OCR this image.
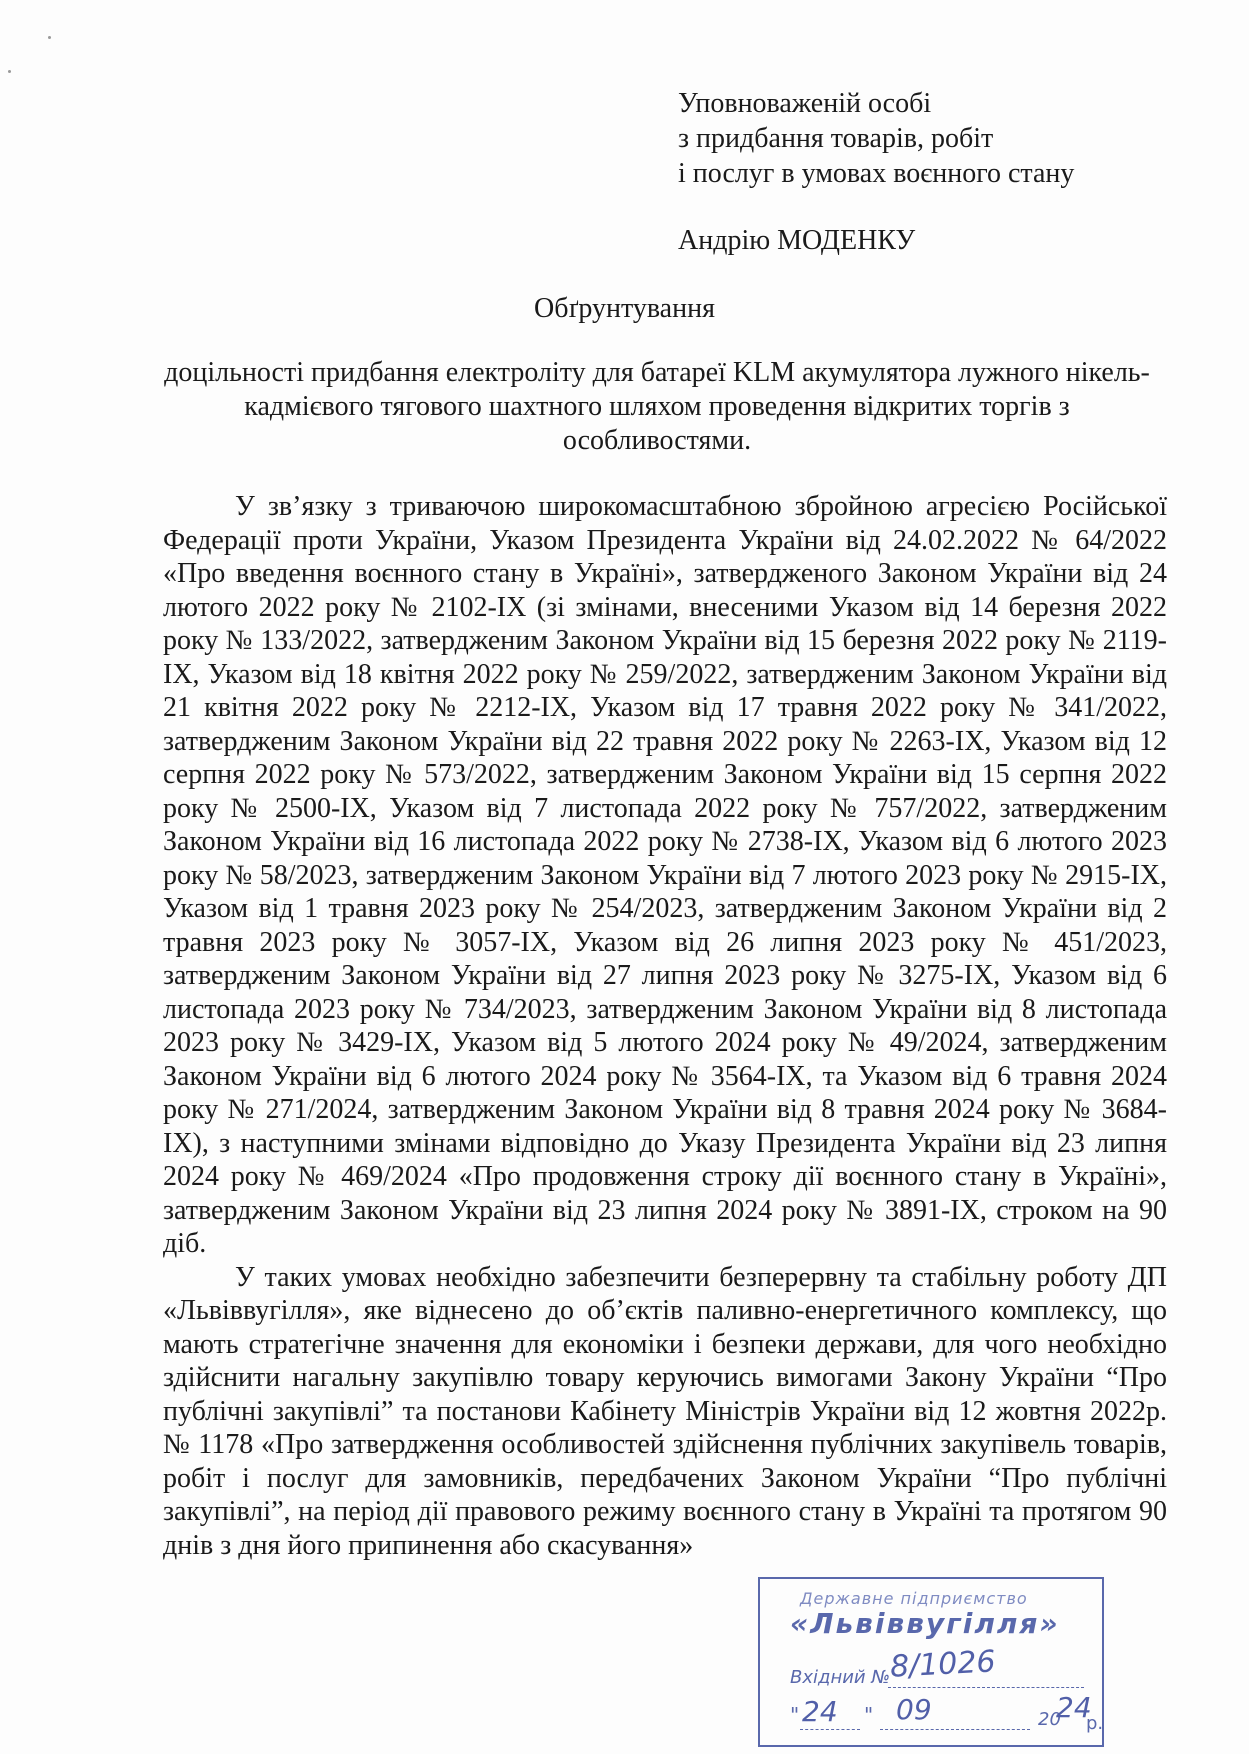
Уповноваженій особі
з придбання товарів, робіт
і послуг в умовах воєнного стану
Андрію МОДЕНКУ
Обґрунтування
доцільності придбання електроліту для батареї KLM акумулятора лужного нікель-кадмієвого тягового шахтного шляхом проведення відкритих торгів з особливостями.

У зв’язку з триваючою широкомасштабною збройною агресією Російської Федерації проти України, Указом Президента України від 24.02.2022 № 64/2022 «Про введення воєнного стану в Україні», затвердженого Законом України від 24 лютого 2022 року № 2102-IX (зі змінами, внесеними Указом від 14 березня 2022 року № 133/2022, затвердженим Законом України від 15 березня 2022 року № 2119-IX, Указом від 18 квітня 2022 року № 259/2022, затвердженим Законом України від 21 квітня 2022 року № 2212-IX, Указом від 17 травня 2022 року № 341/2022, затвердженим Законом України від 22 травня 2022 року № 2263-IX, Указом від 12 серпня 2022 року № 573/2022, затвердженим Законом України від 15 серпня 2022 року № 2500-IX, Указом від 7 листопада 2022 року № 757/2022, затвердженим Законом України від 16 листопада 2022 року № 2738-IX, Указом від 6 лютого 2023 року № 58/2023, затвердженим Законом України від 7 лютого 2023 року № 2915-IX, Указом від 1 травня 2023 року № 254/2023, затвердженим Законом України від 2 травня 2023 року № 3057-IX, Указом від 26 липня 2023 року № 451/2023, затвердженим Законом України від 27 липня 2023 року № 3275-IX, Указом від 6 листопада 2023 року № 734/2023, затвердженим Законом України від 8 листопада 2023 року № 3429-IX, Указом від 5 лютого 2024 року № 49/2024, затвердженим Законом України від 6 лютого 2024 року № 3564-IX, та Указом від 6 травня 2024 року № 271/2024, затвердженим Законом України від 8 травня 2024 року № 3684-IX), з наступними змінами відповідно до Указу Президента України від 23 липня 2024 року № 469/2024 «Про продовження строку дії воєнного стану в Україні», затвердженим Законом України від 23 липня 2024 року № 3891-IX, строком на 90 діб.

У таких умовах необхідно забезпечити безперервну та стабільну роботу ДП «Львіввугілля», яке віднесено до об’єктів паливно-енергетичного комплексу, що мають стратегічне значення для економіки і безпеки держави, для чого необхідно здійснити нагальну закупівлю товару керуючись вимогами Закону України “Про публічні закупівлі” та постанови Кабінету Міністрів України від 12 жовтня 2022р. № 1178 «Про затвердження особливостей здійснення публічних закупівель товарів, робіт і послуг для замовників, передбачених Законом України “Про публічні закупівлі”, на період дії правового режиму воєнного стану в Україні та протягом 90 днів з дня його припинення або скасування»

Державне підприємство
«Львіввугілля»
Вхідний № 8/1026
" 24 " 09	20
24
р.
